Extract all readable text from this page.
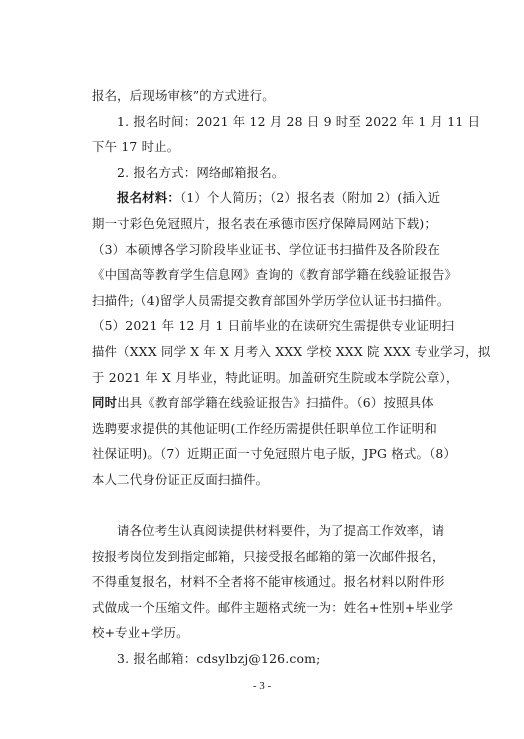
报名，后现场审核”的方式进行。
1. 报名时间：2021 年 12 月 28 日 9 时至 2022 年 1 月 11 日
下午 17 时止。
2. 报名方式：网络邮箱报名。
报名材料：（1）个人简历；（2）报名表（附加 2）(插入近
期一寸彩色免冠照片，报名表在承德市医疗保障局网站下载)；
（3）本硕博各学习阶段毕业证书、学位证书扫描件及各阶段在
《中国高等教育学生信息网》查询的《教育部学籍在线验证报告》
扫描件;（4)留学人员需提交教育部国外学历学位认证书扫描件。
（5）2021 年 12 月 1 日前毕业的在读研究生需提供专业证明扫
描件（XXX 同学 X 年 X 月考入 XXX 学校 XXX 院 XXX 专业学习，拟
于 2021 年 X 月毕业，特此证明。加盖研究生院或本学院公章），
同时出具《教育部学籍在线验证报告》扫描件。（6）按照具体
选聘要求提供的其他证明(工作经历需提供任职单位工作证明和
社保证明)。（7）近期正面一寸免冠照片电子版，JPG 格式。（8）
本人二代身份证正反面扫描件。
请各位考生认真阅读提供材料要件，为了提高工作效率，请
按报考岗位发到指定邮箱，只接受报名邮箱的第一次邮件报名，
不得重复报名，材料不全者将不能审核通过。报名材料以附件形
式做成一个压缩文件。邮件主题格式统一为：姓名+性别+毕业学
校+专业+学历。
3. 报名邮箱：cdsylbzj@126.com;
- 3 -
